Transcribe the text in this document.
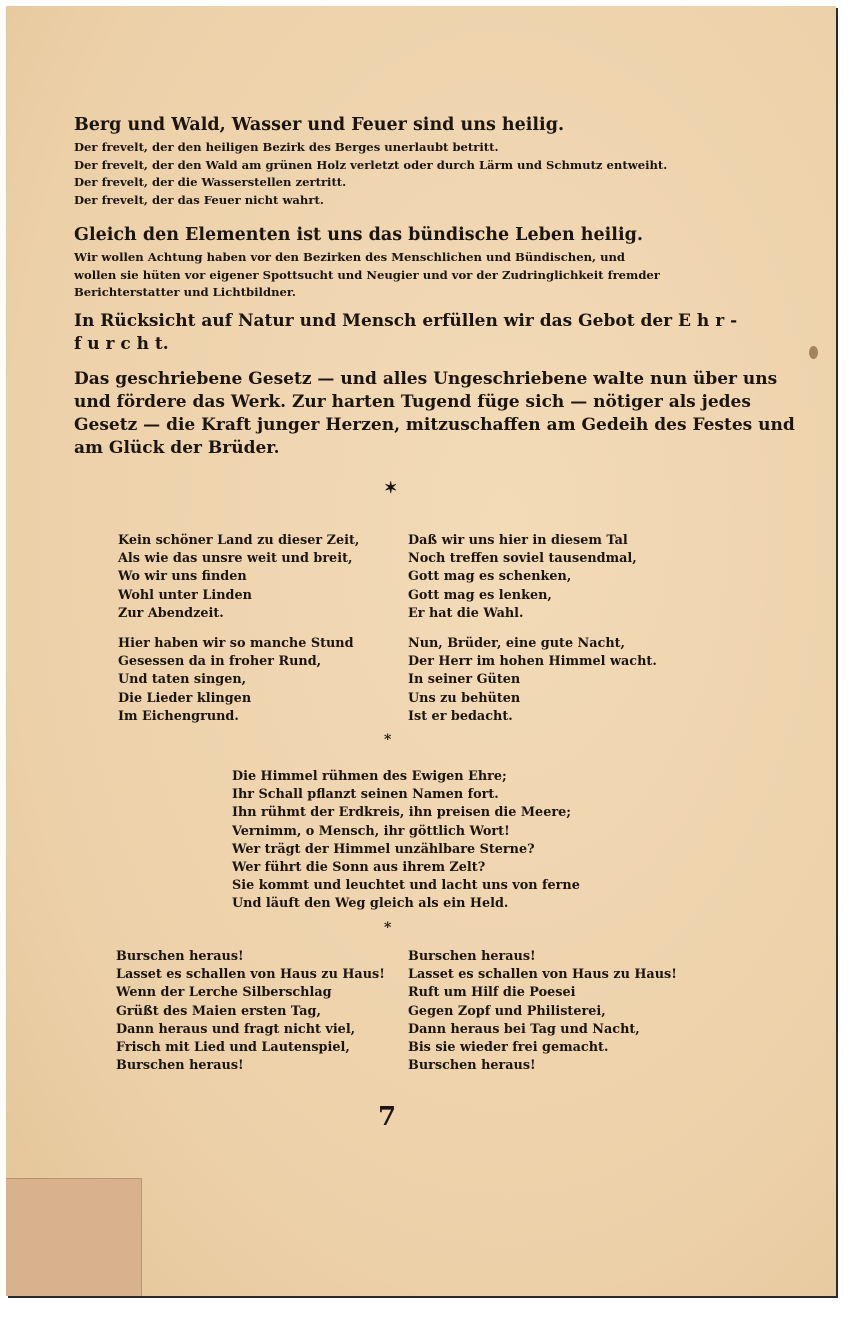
Berg und Wald, Wasser und Feuer sind uns heilig.

Der frevelt, der den heiligen Bezirk des Berges unerlaubt betritt.

Der frevelt, der den Wald am grünen Holz verletzt oder durch Lärm und Schmutz entweiht.

Der frevelt, der die Wasserstellen zertritt.

Der frevelt, der das Feuer nicht wahrt.

Gleich den Elementen ist uns das bündische Leben heilig.

Wir wollen Achtung haben vor den Bezirken des Menschlichen und Bündischen, und

wollen sie hüten vor eigener Spottsucht und Neugier und vor der Zudringlichkeit fremder

Berichterstatter und Lichtbildner.

In Rücksicht auf Natur und Mensch erfüllen wir das Gebot der E h r -

f u r c h t.

Das geschriebene Gesetz — und alles Ungeschriebene walte nun über uns

und fördere das Werk. Zur harten Tugend füge sich — nötiger als jedes

Gesetz — die Kraft junger Herzen, mitzuschaffen am Gedeih des Festes und

am Glück der Brüder.

✶
Kein schöner Land zu dieser Zeit,
Als wie das unsre weit und breit,
Wo wir uns finden
Wohl unter Linden
Zur Abendzeit.
Hier haben wir so manche Stund
Gesessen da in froher Rund,
Und taten singen,
Die Lieder klingen
Im Eichengrund.
Daß wir uns hier in diesem Tal
Noch treffen soviel tausendmal,
Gott mag es schenken,
Gott mag es lenken,
Er hat die Wahl.
Nun, Brüder, eine gute Nacht,
Der Herr im hohen Himmel wacht.
In seiner Güten
Uns zu behüten
Ist er bedacht.
*
Die Himmel rühmen des Ewigen Ehre;
Ihr Schall pflanzt seinen Namen fort.
Ihn rühmt der Erdkreis, ihn preisen die Meere;
Vernimm, o Mensch, ihr göttlich Wort!
Wer trägt der Himmel unzählbare Sterne?
Wer führt die Sonn aus ihrem Zelt?
Sie kommt und leuchtet und lacht uns von ferne
Und läuft den Weg gleich als ein Held.
*
Burschen heraus!
Lasset es schallen von Haus zu Haus!
Wenn der Lerche Silberschlag
Grüßt des Maien ersten Tag,
Dann heraus und fragt nicht viel,
Frisch mit Lied und Lautenspiel,
Burschen heraus!
Burschen heraus!
Lasset es schallen von Haus zu Haus!
Ruft um Hilf die Poesei
Gegen Zopf und Philisterei,
Dann heraus bei Tag und Nacht,
Bis sie wieder frei gemacht.
Burschen heraus!
7
